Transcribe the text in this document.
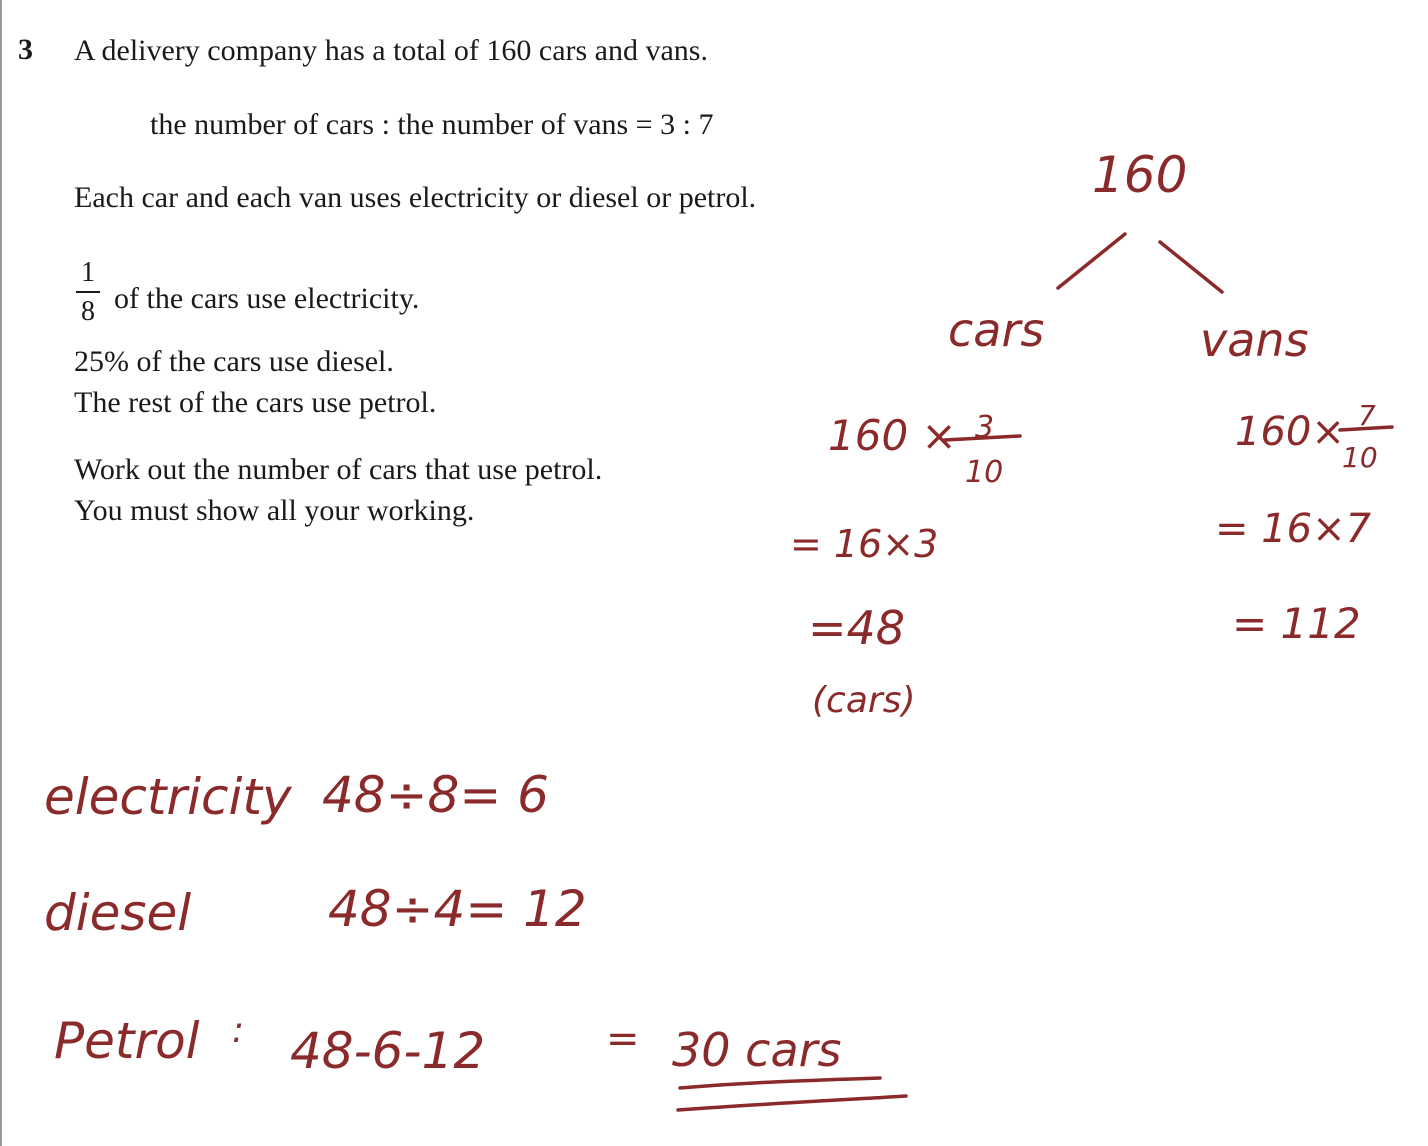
3 A delivery company has a total of 160 cars and vans.
the number of cars : the number of vans = 3 : 7
Each car and each van uses electricity or diesel or petrol.
1
8 of the cars use electricity.
25% of the cars use diesel.
The rest of the cars use petrol.
Work out the number of cars that use petrol.
You must show all your working.
160
cars	vans
160 × 3
10
= 16×3
=48
(cars)
160× 7
10
= 16×7
= 112
electricity 48÷8= 6
diesel	48÷4= 12
Petrol : 48-6-12	= 30 cars
